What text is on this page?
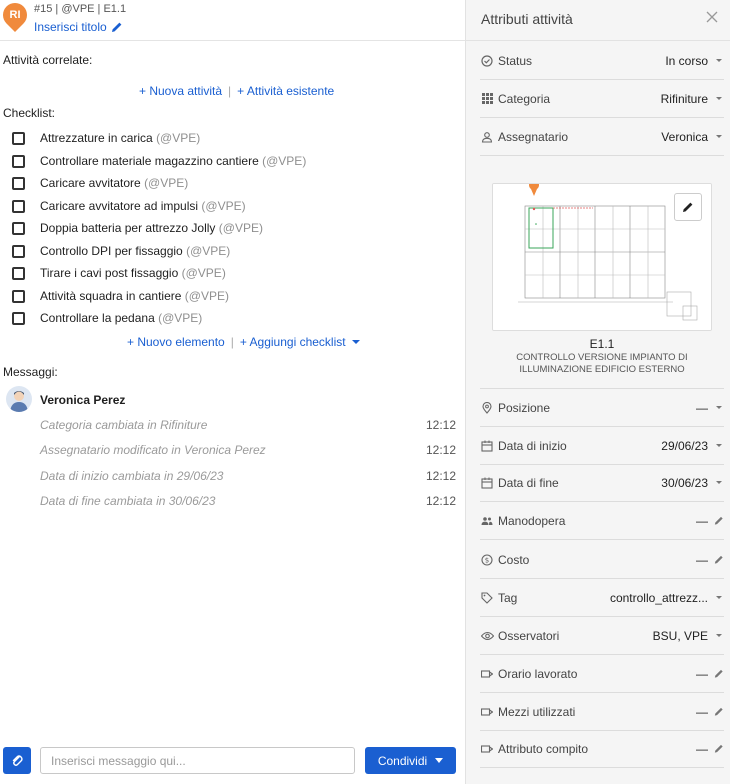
RI	#15 | @VPE | E1.1
Inserisci titolo
Attività correlate:
+ Nuova attività | + Attività esistente
Checklist:
Attrezzature in carica (@VPE)
Controllare materiale magazzino cantiere (@VPE)
Caricare avvitatore (@VPE)
Caricare avvitatore ad impulsi (@VPE)
Doppia batteria per attrezzo Jolly (@VPE)
Controllo DPI per fissaggio (@VPE)
Tirare i cavi post fissaggio (@VPE)
Attività squadra in cantiere (@VPE)
Controllare la pedana (@VPE)
+ Nuovo elemento | + Aggiungi checklist
Messaggi:
Veronica Perez
Categoria cambiata in Rifiniture	12:12
Assegnatario modificato in Veronica Perez	12:12
Data di inizio cambiata in 29/06/23	12:12
Data di fine cambiata in 30/06/23	12:12
Inserisci messaggio qui...
Condividi
Attributi attività
Status	In corso
Categoria	Rifiniture
Assegnatario	Veronica
E1.1
CONTROLLO VERSIONE IMPIANTO DI ILLUMINAZIONE EDIFICIO ESTERNO
Posizione	—
Data di inizio	29/06/23
Data di fine	30/06/23
Manodopera	—
$ Costo	—
Tag	controllo_attrezz...
Osservatori	BSU, VPE
Orario lavorato	—
Mezzi utilizzati	—
Attributo compito	—
